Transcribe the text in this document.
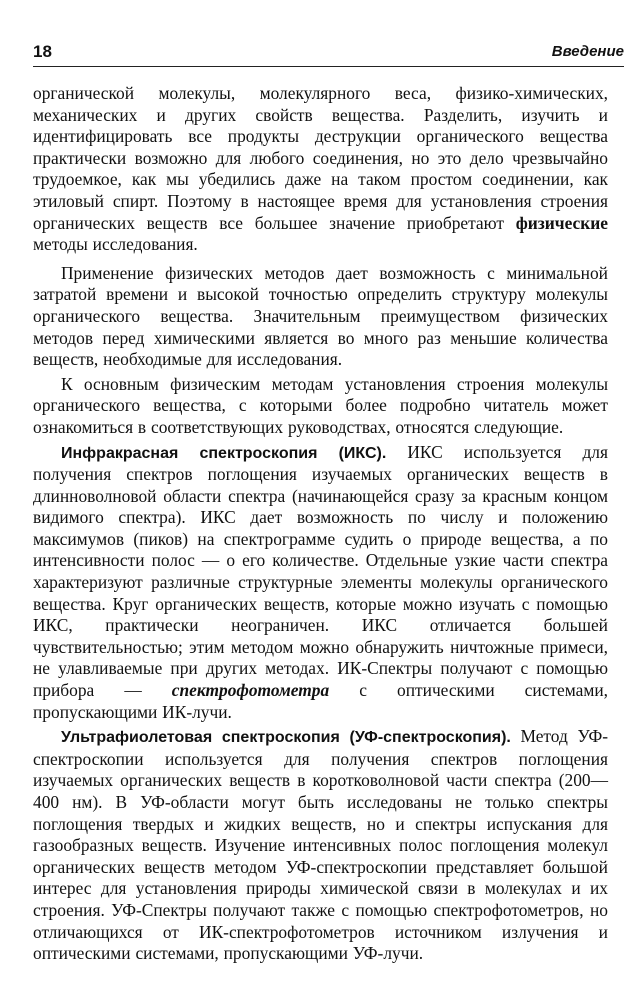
18	Введение

органической молекулы, молекулярного веса, физико-химических, механических и других свойств вещества. Разделить, изучить и идентифицировать все продукты деструкции органического вещества практически возможно для любого соединения, но это дело чрезвычайно трудоемкое, как мы убедились даже на таком простом соединении, как этиловый спирт. Поэтому в настоящее время для установления строения органических веществ все большее значение приобретают физические методы исследования.

Применение физических методов дает возможность с минимальной затратой времени и высокой точностью определить структуру молекулы органического вещества. Значительным преимуществом физических методов перед химическими является во много раз меньшие количества веществ, необходимые для исследования.

К основным физическим методам установления строения молекулы органического вещества, с которыми более подробно читатель может ознакомиться в соответствующих руководствах, относятся следующие.

Инфракрасная спектроскопия (ИКС). ИКС используется для получения спектров поглощения изучаемых органических веществ в длинноволновой области спектра (начинающейся сразу за красным концом видимого спектра). ИКС дает возможность по числу и положению максимумов (пиков) на спектрограмме судить о природе вещества, а по интенсивности полос — о его количестве. Отдельные узкие части спектра характеризуют различные структурные элементы молекулы органического вещества. Круг органических веществ, которые можно изучать с помощью ИКС, практически неограничен. ИКС отличается большей чувствительностью; этим методом можно обнаружить ничтожные примеси, не улавливаемые при других методах. ИК-Спектры получают с помощью прибора — спектрофотометра с оптическими системами, пропускающими ИК-лучи.

Ультрафиолетовая спектроскопия (УФ-спектроскопия). Метод УФ-спектроскопии используется для получения спектров поглощения изучаемых органических веществ в коротковолновой части спектра (200—400 нм). В УФ-области могут быть исследованы не только спектры поглощения твердых и жидких веществ, но и спектры испускания для газообразных веществ. Изучение интенсивных полос поглощения молекул органических веществ методом УФ-спектроскопии представляет большой интерес для установления природы химической связи в молекулах и их строения. УФ-Спектры получают также с помощью спектрофотометров, но отличающихся от ИК-спектрофотометров источником излучения и оптическими системами, пропускающими УФ-лучи.
